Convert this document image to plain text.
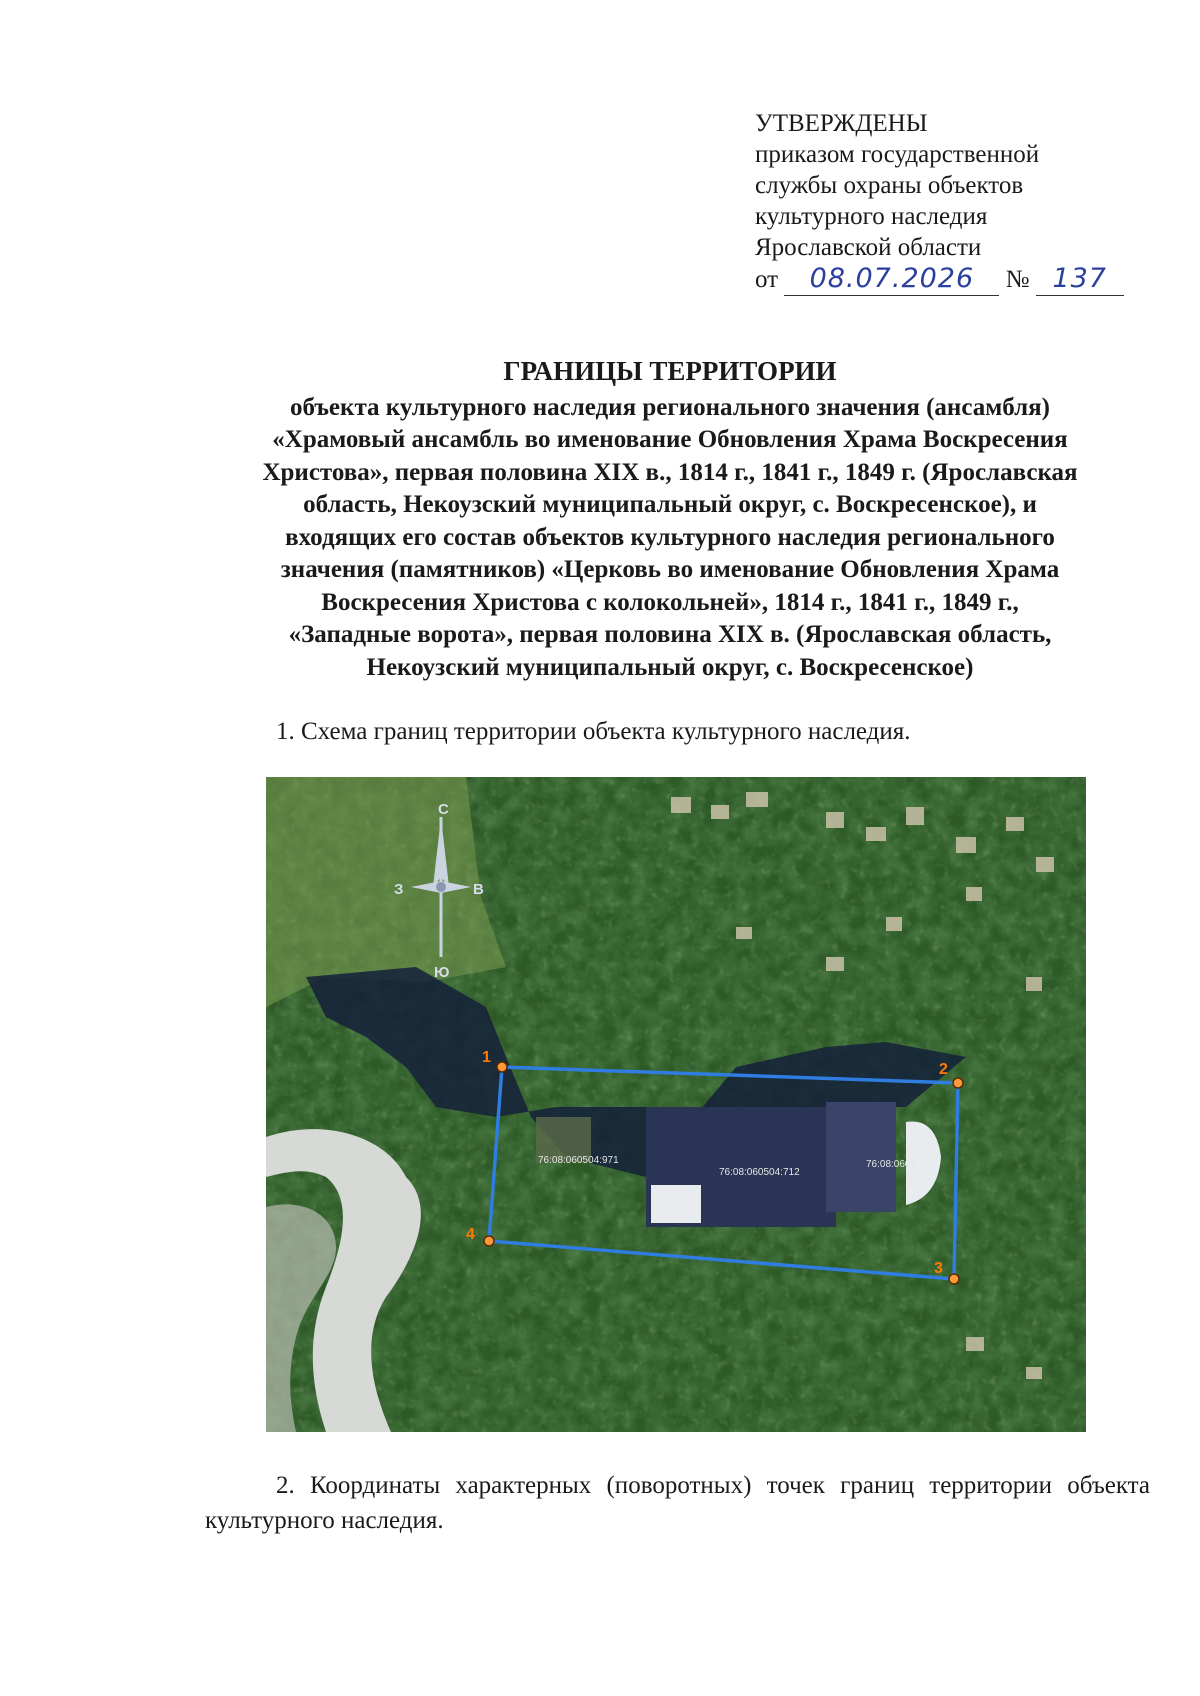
УТВЕРЖДЕНЫ
приказом государственной
службы охраны объектов
культурного наследия
Ярославской области
от 08.07.2026 № 137
ГРАНИЦЫ ТЕРРИТОРИИ
объекта культурного наследия регионального значения (ансамбля)
«Храмовый ансамбль во именование Обновления Храма Воскресения
Христова», первая половина XIX в., 1814 г., 1841 г., 1849 г. (Ярославская
область, Некоузский муниципальный округ, с. Воскресенское), и
входящих его состав объектов культурного наследия регионального
значения (памятников) «Церковь во именование Обновления Храма
Воскресения Христова с колокольней», 1814 г., 1841 г., 1849 г.,
«Западные ворота», первая половина XIX в. (Ярославская область,
Некоузский муниципальный округ, с. Воскресенское)
1. Схема границ территории объекта культурного наследия.
С
Ю
З	В
1
2
3
4
76:08:060504:971
76:08:060504:712
76:08:0605
2. Координаты характерных (поворотных) точек границ территории объекта культурного наследия.
